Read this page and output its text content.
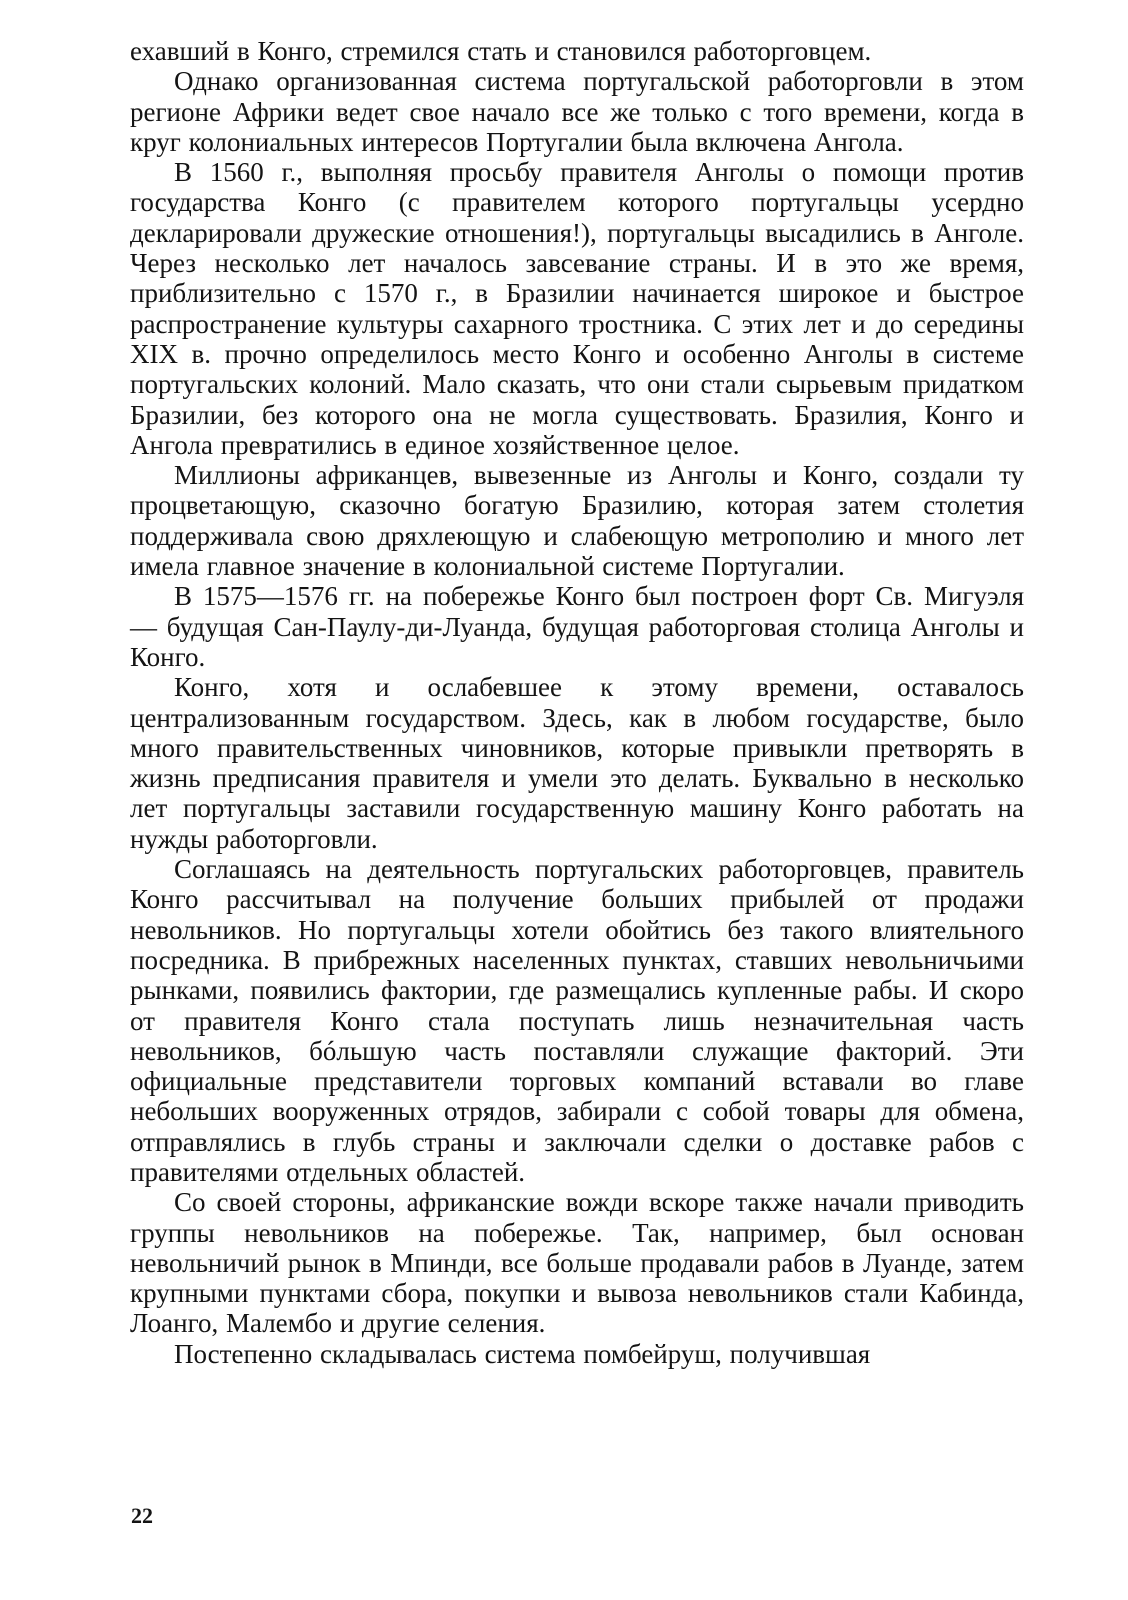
ехавший в Конго, стремился стать и становился работорговцем.

Однако организованная система португальской работорговли в этом регионе Африки ведет свое начало все же только с того времени, когда в круг колониальных интересов Португалии была включена Ангола.

В 1560 г., выполняя просьбу правителя Анголы о помощи против государства Конго (с правителем которого португальцы усердно декларировали дружеские отношения!), португальцы высадились в Анголе. Через несколько лет началось завсевание страны. И в это же время, приблизительно с 1570 г., в Бразилии начинается широкое и быстрое распространение культуры сахарного тростника. С этих лет и до середины XIX в. прочно определилось место Конго и особенно Анголы в системе португальских колоний. Мало сказать, что они стали сырьевым придатком Бразилии, без которого она не могла существовать. Бразилия, Конго и Ангола превратились в единое хозяйственное целое.

Миллионы африканцев, вывезенные из Анголы и Конго, создали ту процветающую, сказочно богатую Бразилию, которая затем столетия поддерживала свою дряхлеющую и слабеющую метрополию и много лет имела главное значение в колониальной системе Португалии.

В 1575—1576 гг. на побережье Конго был построен форт Св. Мигуэля — будущая Сан-Паулу-ди-Луанда, будущая работорговая столица Анголы и Конго.

Конго, хотя и ослабевшее к этому времени, оставалось централизованным государством. Здесь, как в любом государстве, было много правительственных чиновников, которые привыкли претворять в жизнь предписания правителя и умели это делать. Буквально в несколько лет португальцы заставили государственную машину Конго работать на нужды работорговли.

Соглашаясь на деятельность португальских работорговцев, правитель Конго рассчитывал на получение больших прибылей от продажи невольников. Но португальцы хотели обойтись без такого влиятельного посредника. В прибрежных населенных пунктах, ставших невольничьими рынками, появились фактории, где размещались купленные рабы. И скоро от правителя Конго стала поступать лишь незначительная часть невольников, бóльшую часть поставляли служащие факторий. Эти официальные представители торговых компаний вставали во главе небольших вооруженных отрядов, забирали с собой товары для обмена, отправлялись в глубь страны и заключали сделки о доставке рабов с правителями отдельных областей.

Со своей стороны, африканские вожди вскоре также начали приводить группы невольников на побережье. Так, например, был основан невольничий рынок в Мпинди, все больше продавали рабов в Луанде, затем крупными пунктами сбора, покупки и вывоза невольников стали Кабинда, Лоанго, Малембо и другие селения.

Постепенно складывалась система помбейруш, получившая

22
